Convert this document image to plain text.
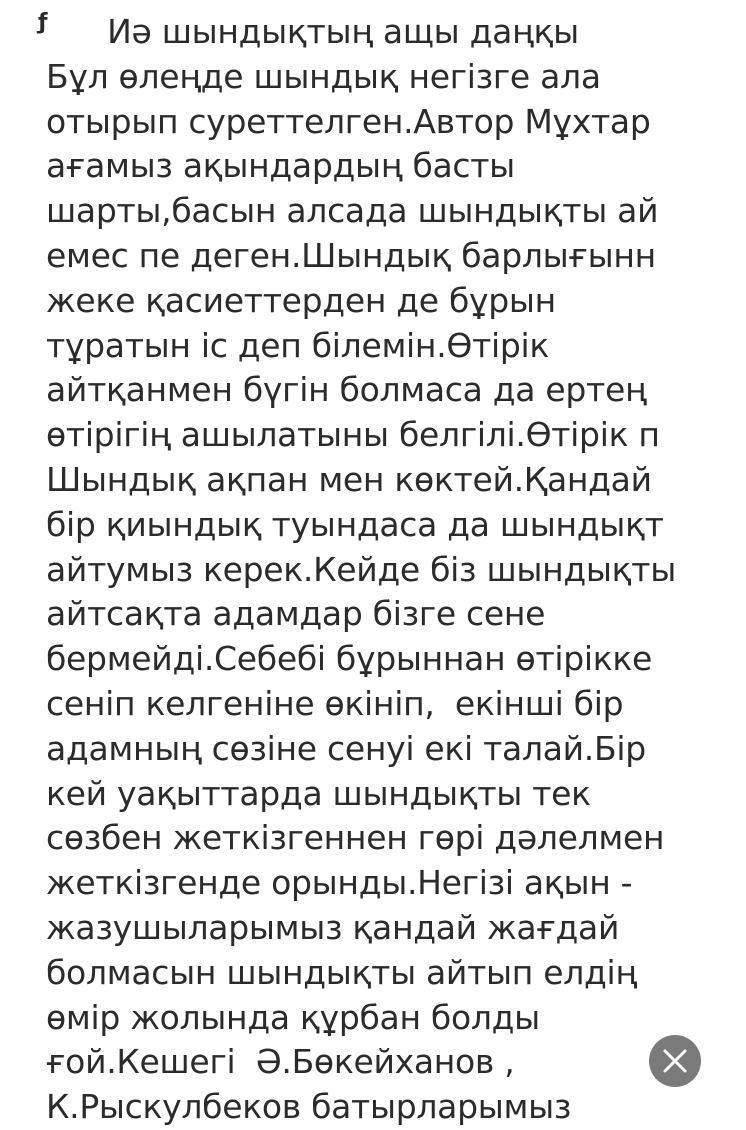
ƒ
Иә шындықтың ащы даңқы
Бұл өлеңде шындық негізге ала
отырып суреттелген.Автор Мұхтар
ағамыз ақындардың басты
шарты,басын алсада шындықты ай
емес пе деген.Шындық барлығынн
жеке қасиеттерден де бұрын
тұратын іс деп білемін.Өтірік
айтқанмен бүгін болмаса да ертең
өтірігің ашылатыны белгілі.Өтірік п
Шындық ақпан мен көктей.Қандай
бір қиындық туындаса да шындықт
айтумыз керек.Кейде біз шындықты
айтсақта адамдар бізге сене
бермейді.Себебі бұрыннан өтірікке
сеніп келгеніне өкініп,  екінші бір
адамның сөзіне сенуі екі талай.Бір
кей уақыттарда шындықты тек
сөзбен жеткізгеннен гөрі дәлелмен
жеткізгенде орынды.Негізі ақын -
жазушыларымыз қандай жағдай
болмасын шындықты айтып елдің
өмір жолында құрбан болды
ғой.Кешегі  Ә.Бөкейханов ,
К.Рыскулбеков батырларымыз
